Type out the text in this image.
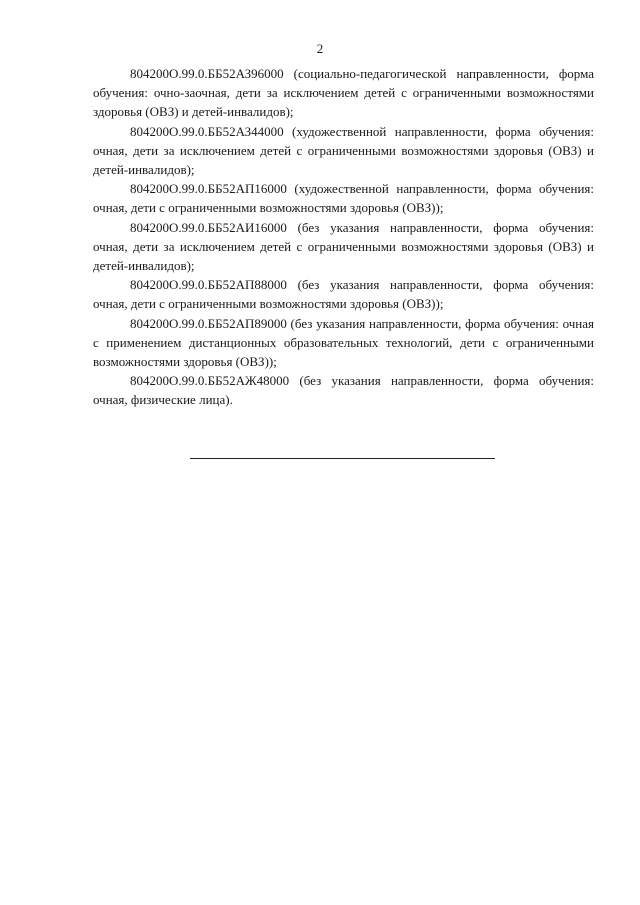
2

804200О.99.0.ББ52АЗ96000 (социально-педагогической направленности, форма обучения: очно-заочная, дети за исключением детей с ограниченными возможностями здоровья (ОВЗ) и детей-инвалидов);

804200О.99.0.ББ52АЗ44000 (художественной направленности, форма обучения: очная, дети за исключением детей с ограниченными возможностями здоровья (ОВЗ) и детей-инвалидов);

804200О.99.0.ББ52АП16000 (художественной направленности, форма обучения: очная, дети с ограниченными возможностями здоровья (ОВЗ));

804200О.99.0.ББ52АИ16000 (без указания направленности, форма обучения: очная, дети за исключением детей с ограниченными возможностями здоровья (ОВЗ) и детей-инвалидов);

804200О.99.0.ББ52АП88000 (без указания направленности, форма обучения: очная, дети с ограниченными возможностями здоровья (ОВЗ));

804200О.99.0.ББ52АП89000 (без указания направленности, форма обучения: очная с применением дистанционных образовательных технологий, дети с ограниченными возможностями здоровья (ОВЗ));

804200О.99.0.ББ52АЖ48000 (без указания направленности, форма обучения: очная, физические лица).
